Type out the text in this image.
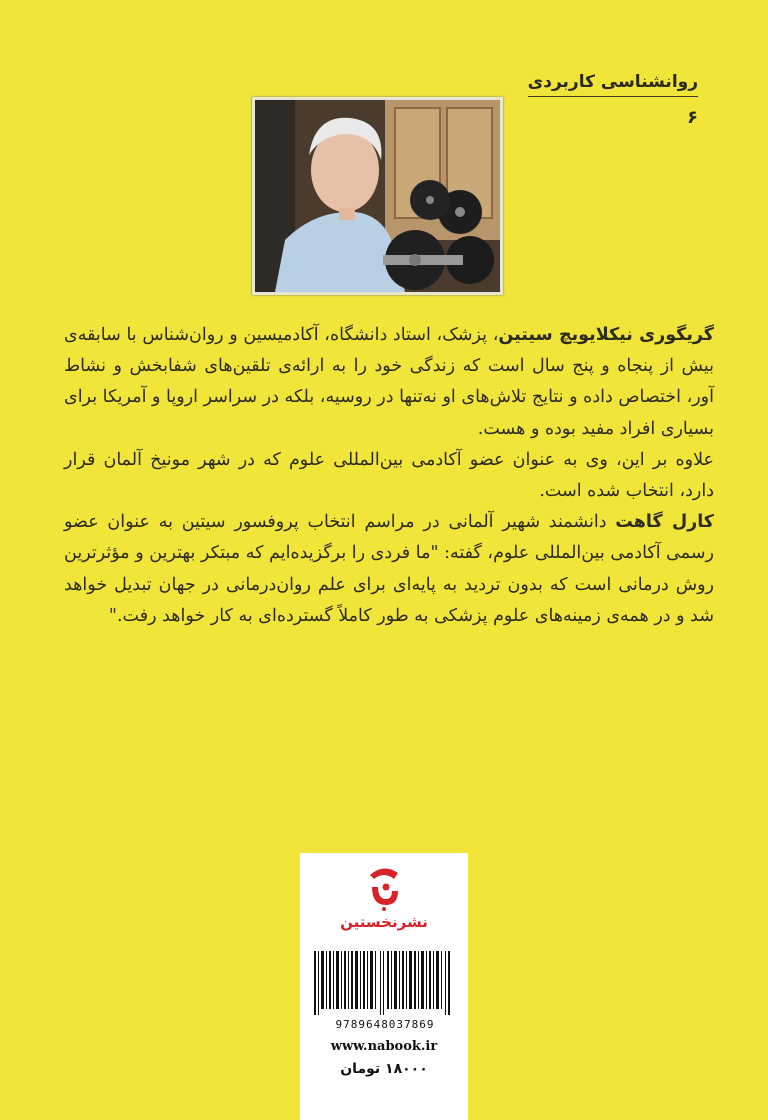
روانشناسی کاربردی
۶

گریگوری نیکلایویچ سیتین، پزشک، استاد دانشگاه، آکادمیسین و روان‌شناس با سابقه‌ی بیش از پنجاه و پنج سال است که زندگی خود را به ارائه‌ی تلقین‌های شفابخش و نشاط آور، اختصاص داده و نتایج تلاش‌های او نه‌تنها در روسیه، بلکه در سراسر اروپا و آمریکا برای بسیاری افراد مفید بوده و هست.

علاوه بر این، وی به عنوان عضو آکادمی بین‌المللی علوم که در شهر مونیخ آلمان قرار دارد، انتخاب شده است.

کارل گاهت دانشمند شهیر آلمانی در مراسم انتخاب پروفسور سیتین به عنوان عضو رسمی آکادمی بین‌المللی علوم، گفته: "ما فردی را برگزیده‌ایم که مبتکر بهترین و مؤثرترین روش درمانی است که بدون تردید به پایه‌ای برای علم روان‌درمانی در جهان تبدیل خواهد شد و در همه‌ی زمینه‌های علوم پزشکی به طور کاملاً گسترده‌ای به کار خواهد رفت."

نشرنخستین
9789648037869
www.nabook.ir
۱۸۰۰۰ تومان
